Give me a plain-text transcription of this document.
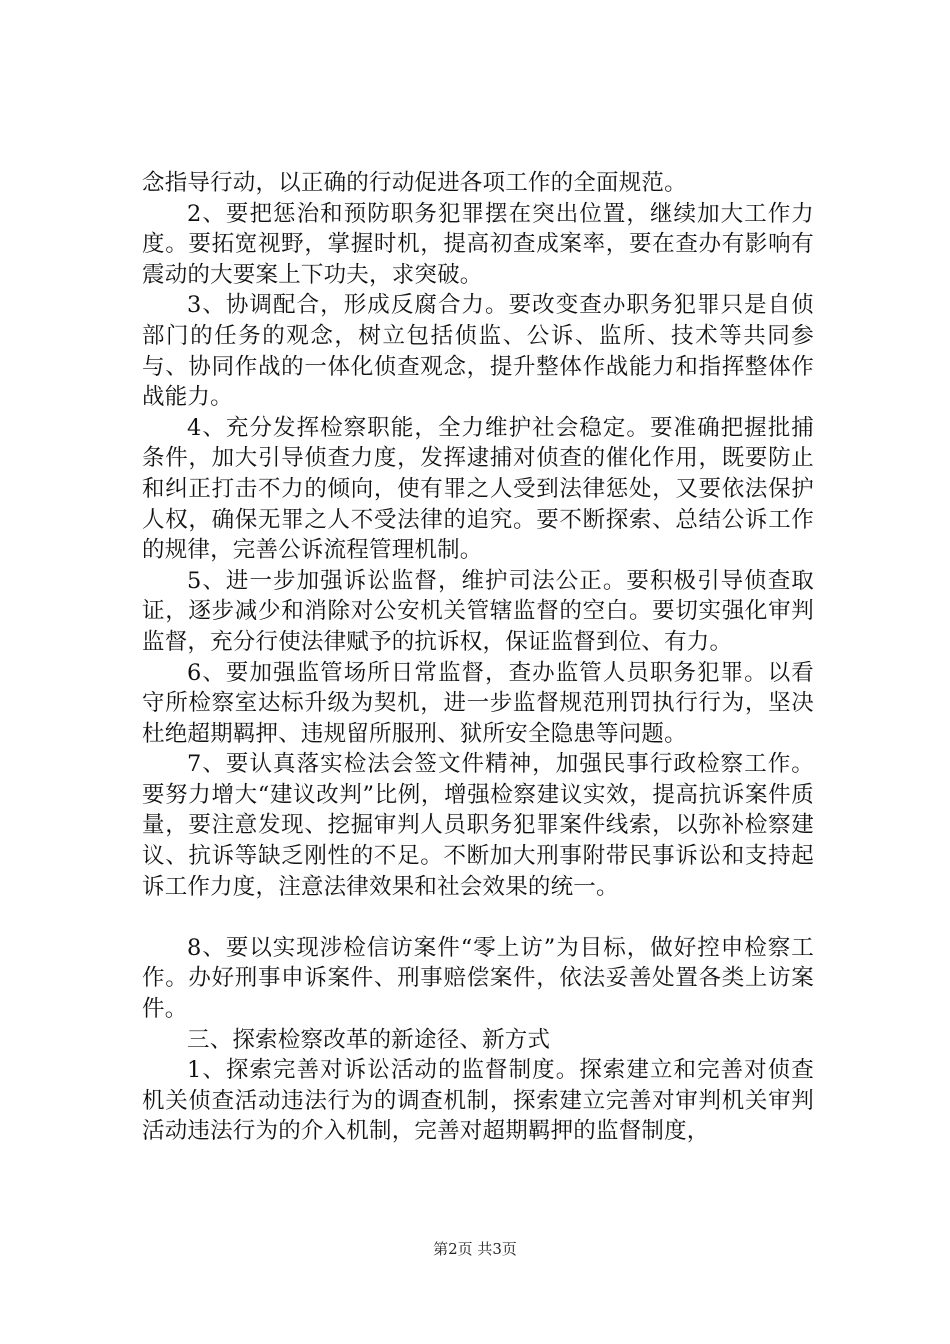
念指导行动，以正确的行动促进各项工作的全面规范。

2、要把惩治和预防职务犯罪摆在突出位置，继续加大工作力度。要拓宽视野，掌握时机，提高初查成案率，要在查办有影响有震动的大要案上下功夫，求突破。

3、协调配合，形成反腐合力。要改变查办职务犯罪只是自侦部门的任务的观念，树立包括侦监、公诉、监所、技术等共同参与、协同作战的一体化侦查观念，提升整体作战能力和指挥整体作战能力。

4、充分发挥检察职能，全力维护社会稳定。要准确把握批捕条件，加大引导侦查力度，发挥逮捕对侦查的催化作用，既要防止和纠正打击不力的倾向，使有罪之人受到法律惩处，又要依法保护人权，确保无罪之人不受法律的追究。要不断探索、总结公诉工作的规律，完善公诉流程管理机制。

5、进一步加强诉讼监督，维护司法公正。要积极引导侦查取证，逐步减少和消除对公安机关管辖监督的空白。要切实强化审判监督，充分行使法律赋予的抗诉权，保证监督到位、有力。

6、要加强监管场所日常监督，查办监管人员职务犯罪。以看守所检察室达标升级为契机，进一步监督规范刑罚执行行为，坚决杜绝超期羁押、违规留所服刑、狱所安全隐患等问题。

7、要认真落实检法会签文件精神，加强民事行政检察工作。要努力增大“建议改判”比例，增强检察建议实效，提高抗诉案件质量，要注意发现、挖掘审判人员职务犯罪案件线索，以弥补检察建议、抗诉等缺乏刚性的不足。不断加大刑事附带民事诉讼和支持起诉工作力度，注意法律效果和社会效果的统一。

8、要以实现涉检信访案件“零上访”为目标，做好控申检察工作。办好刑事申诉案件、刑事赔偿案件，依法妥善处置各类上访案件。

三、探索检察改革的新途径、新方式

1、探索完善对诉讼活动的监督制度。探索建立和完善对侦查机关侦查活动违法行为的调查机制，探索建立完善对审判机关审判活动违法行为的介入机制，完善对超期羁押的监督制度，

第2页 共3页
